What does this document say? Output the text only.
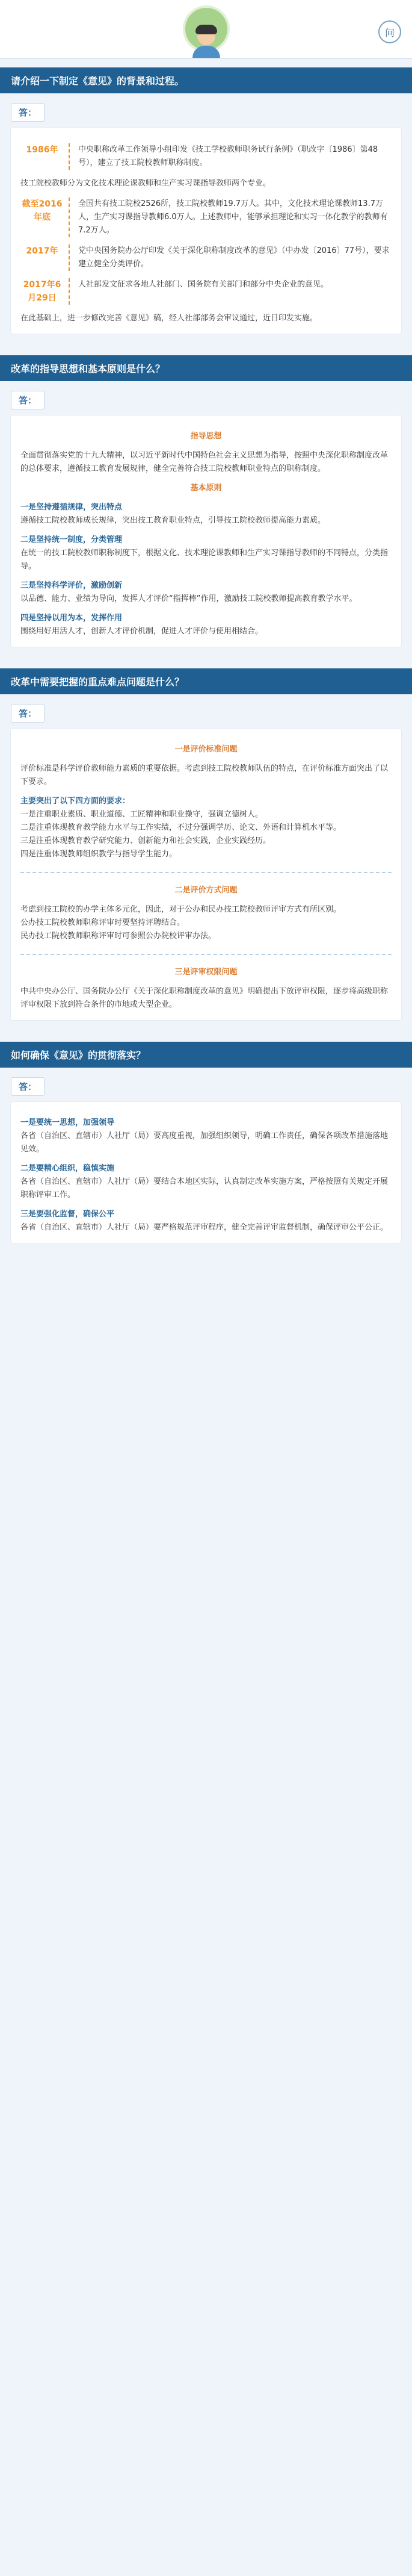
问
请介绍一下制定《意见》的背景和过程。
答：
1986年	中央职称改革工作领导小组印发《技工学校教师职务试行条例》（职改字〔1986〕第48号），建立了技工院校教师职称制度。
技工院校教师分为文化技术理论课教师和生产实习课指导教师两个专业。
截至2016年底
全国共有技工院校2526所，技工院校教师19.7万人。其中，文化技术理论课教师13.7万人，生产实习课指导教师6.0万人。上述教师中，能够承担理论和实习一体化教学的教师有7.2万人。
2017年	党中央国务院办公厅印发《关于深化职称制度改革的意见》（中办发〔2016〕77号），要求建立健全分类评价。
2017年6月29日
人社部发文征求各地人社部门、国务院有关部门和部分中央企业的意见。
在此基础上，进一步修改完善《意见》稿，经人社部部务会审议通过，近日印发实施。
改革的指导思想和基本原则是什么？
答：
指导思想
全面贯彻落实党的十九大精神，以习近平新时代中国特色社会主义思想为指导，按照中央深化职称制度改革的总体要求，遵循技工教育发展规律，健全完善符合技工院校教师职业特点的职称制度。
基本原则
一是坚持遵循规律，突出特点
遵循技工院校教师成长规律，突出技工教育职业特点，引导技工院校教师提高能力素质。
二是坚持统一制度，分类管理
在统一的技工院校教师职称制度下，根据文化、技术理论课教师和生产实习课指导教师的不同特点，分类指导。
三是坚持科学评价，激励创新
以品德、能力、业绩为导向，发挥人才评价“指挥棒”作用，激励技工院校教师提高教育教学水平。
四是坚持以用为本，发挥作用
围绕用好用活人才，创新人才评价机制，促进人才评价与使用相结合。
改革中需要把握的重点难点问题是什么？
答：
一是评价标准问题
评价标准是科学评价教师能力素质的重要依据。考虑到技工院校教师队伍的特点，在评价标准方面突出了以下要求。
主要突出了以下四方面的要求：
一是注重职业素质、职业道德、工匠精神和职业操守，强调立德树人。
二是注重体现教育教学能力水平与工作实绩，不过分强调学历、论文、外语和计算机水平等。
三是注重体现教育教学研究能力、创新能力和社会实践，企业实践经历。
四是注重体现教师组织教学与指导学生能力。
二是评价方式问题
考虑到技工院校的办学主体多元化，因此，对于公办和民办技工院校教师评审方式有所区别。
公办技工院校教师职称评审时要坚持评聘结合。
民办技工院校教师职称评审时可参照公办院校评审办法。
三是评审权限问题
中共中央办公厅、国务院办公厅《关于深化职称制度改革的意见》明确提出下放评审权限，逐步将高级职称评审权限下放到符合条件的市地或大型企业。
如何确保《意见》的贯彻落实？
答：
一是要统一思想，加强领导
各省（自治区、直辖市）人社厅（局）要高度重视，加强组织领导，明确工作责任，确保各项改革措施落地见效。
二是要精心组织，稳慎实施
各省（自治区、直辖市）人社厅（局）要结合本地区实际，认真制定改革实施方案，严格按照有关规定开展职称评审工作。
三是要强化监督，确保公平
各省（自治区、直辖市）人社厅（局）要严格规范评审程序，健全完善评审监督机制，确保评审公平公正。
